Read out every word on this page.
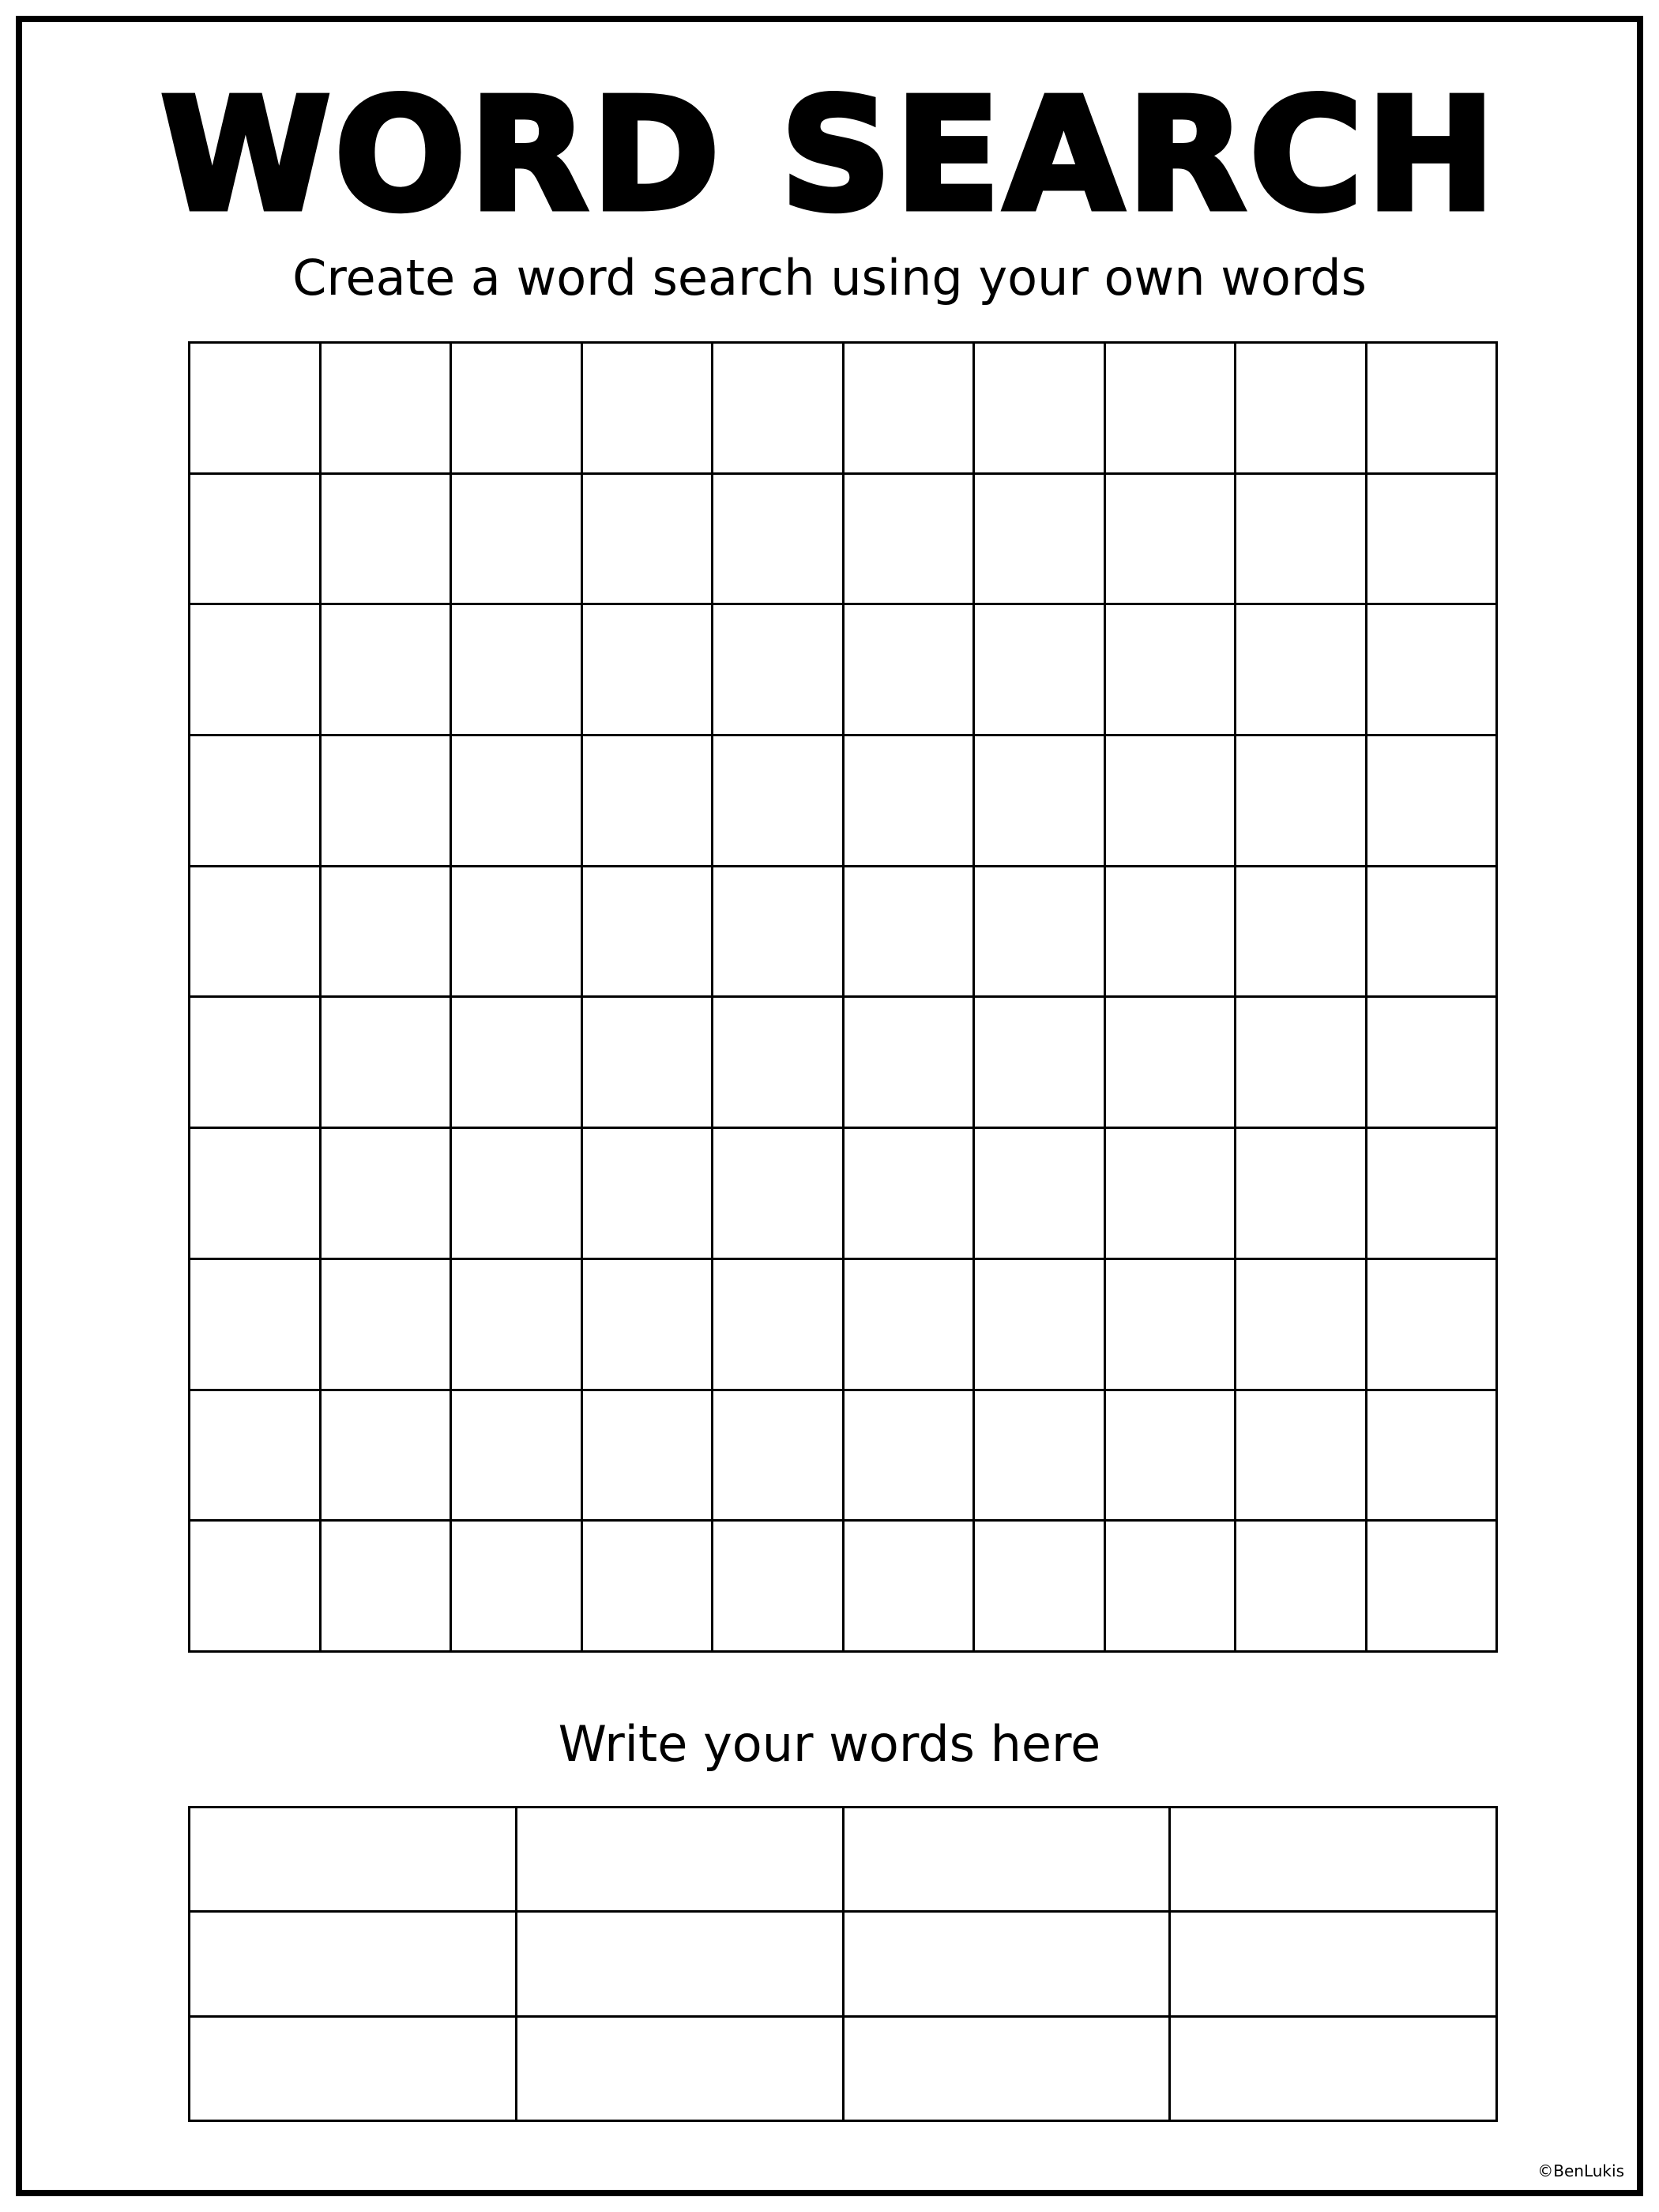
WORD SEARCH

Create a word search using your own words

Write your words here

©BenLukis
